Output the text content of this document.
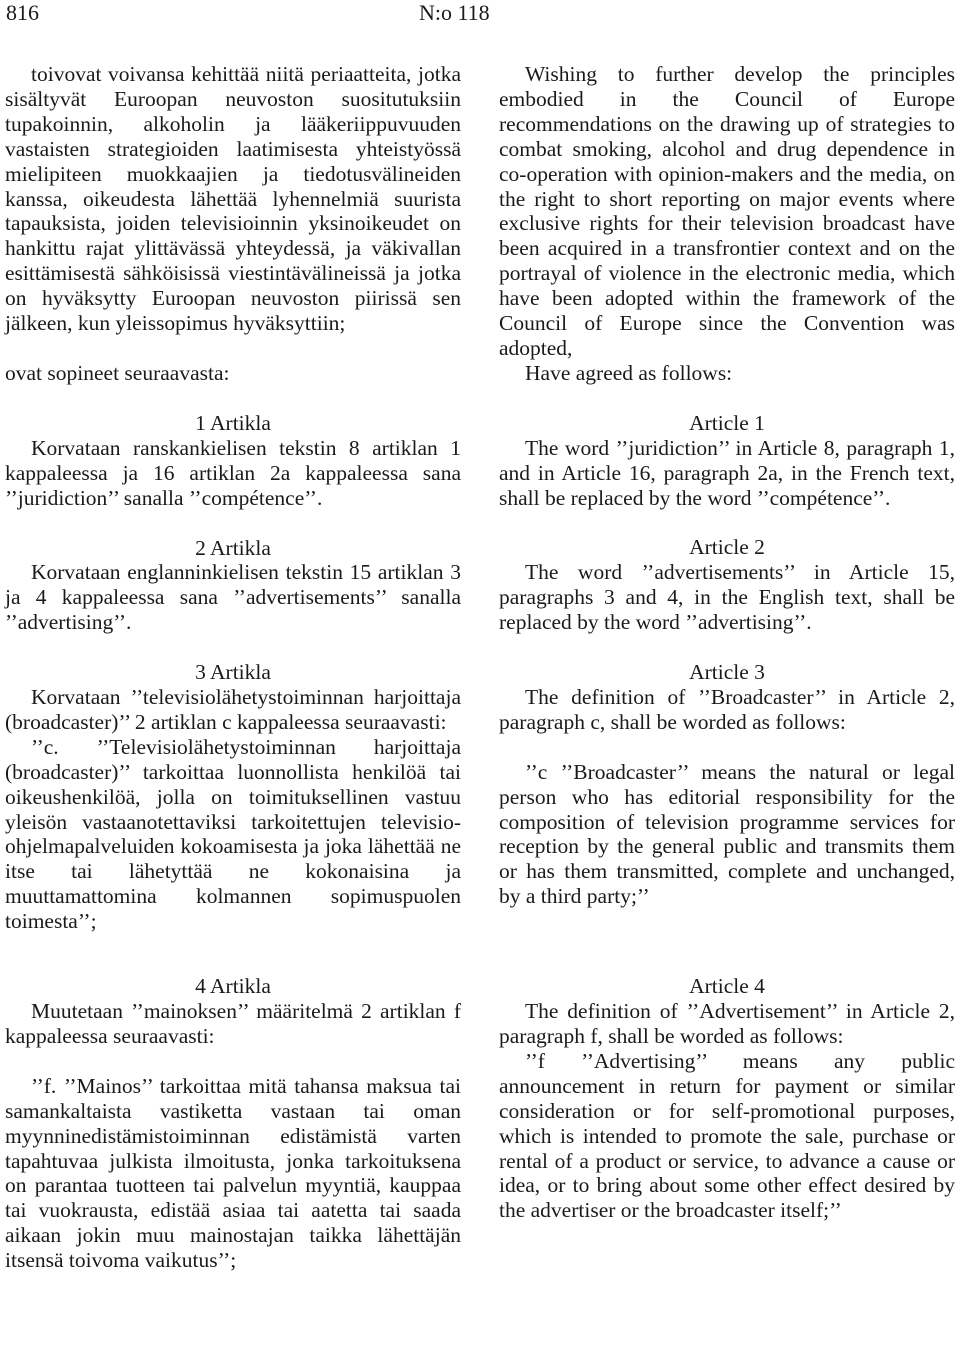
816	N:o 118

toivovat voivansa kehittää niitä periaatteita, jotka sisältyvät Euroopan neuvoston suositutuksiin tupakoinnin, alkoholin ja lääkeriippuvuuden vastaisten strategioiden laatimisesta yhteistyössä mielipiteen muokkaajien ja tiedotusvälineiden kanssa, oikeudesta lähettää lyhennelmiä suurista tapauksista, joiden televisioinnin yksinoikeudet on hankittu rajat ylittävässä yhteydessä, ja väkivallan esittämisestä sähköisissä viestintävälineissä ja jotka on hyväksytty Euroopan neuvoston piirissä sen jälkeen, kun yleissopimus hyväksyttiin;

ovat sopineet seuraavasta:

1 Artikla

Korvataan ranskankielisen tekstin 8 artiklan 1 kappaleessa ja 16 artiklan 2a kappaleessa sana ’’juridiction’’ sanalla ’’compétence’’.

2 Artikla

Korvataan englanninkielisen tekstin 15 artiklan 3 ja 4 kappaleessa sana ’’advertisements’’ sanalla ’’advertising’’.

3 Artikla

Korvataan ’’televisiolähetystoiminnan harjoittaja (broadcaster)’’ 2 artiklan c kappaleessa seuraavasti:

’’c. ’’Televisiolähetystoiminnan harjoittaja (broadcaster)’’ tarkoittaa luonnollista henkilöä tai oikeushenkilöä, jolla on toimituksellinen vastuu yleisön vastaanotettaviksi tarkoitettujen televisio-ohjelmapalveluiden kokoamisesta ja joka lähettää ne itse tai lähetyttää ne kokonaisina ja muuttamattomina kolmannen sopimuspuolen toimesta’’;

4 Artikla

Muutetaan ’’mainoksen’’ määritelmä 2 artiklan f kappaleessa seuraavasti:

’’f. ’’Mainos’’ tarkoittaa mitä tahansa maksua tai samankaltaista vastiketta vastaan tai oman myynninedistämistoiminnan edistämistä varten tapahtuvaa julkista ilmoitusta, jonka tarkoituksena on parantaa tuotteen tai palvelun myyntiä, kauppaa tai vuokrausta, edistää asiaa tai aatetta tai saada aikaan jokin muu mainostajan taikka lähettäjän itsensä toivoma vaikutus’’;

Wishing to further develop the principles embodied in the Council of Europe recommendations on the drawing up of strategies to combat smoking, alcohol and drug dependence in co-operation with opinion-makers and the media, on the right to short reporting on major events where exclusive rights for their television broadcast have been acquired in a transfrontier context and on the portrayal of violence in the electronic media, which have been adopted within the framework of the Council of Europe since the Convention was adopted,

Have agreed as follows:

Article 1

The word ’’juridiction’’ in Article 8, paragraph 1, and in Article 16, paragraph 2a, in the French text, shall be replaced by the word ’’compétence’’.

Article 2

The word ’’advertisements’’ in Article 15, paragraphs 3 and 4, in the English text, shall be replaced by the word ’’advertising’’.

Article 3

The definition of ’’Broadcaster’’ in Article 2, paragraph c, shall be worded as follows:

’’c ’’Broadcaster’’ means the natural or legal person who has editorial responsibility for the composition of television programme services for reception by the general public and transmits them or has them transmitted, complete and unchanged, by a third party;’’

Article 4

The definition of ’’Advertisement’’ in Article 2, paragraph f, shall be worded as follows:

’’f ’’Advertising’’ means any public announcement in return for payment or similar consideration or for self-promotional purposes, which is intended to promote the sale, purchase or rental of a product or service, to advance a cause or idea, or to bring about some other effect desired by the advertiser or the broadcaster itself;’’
